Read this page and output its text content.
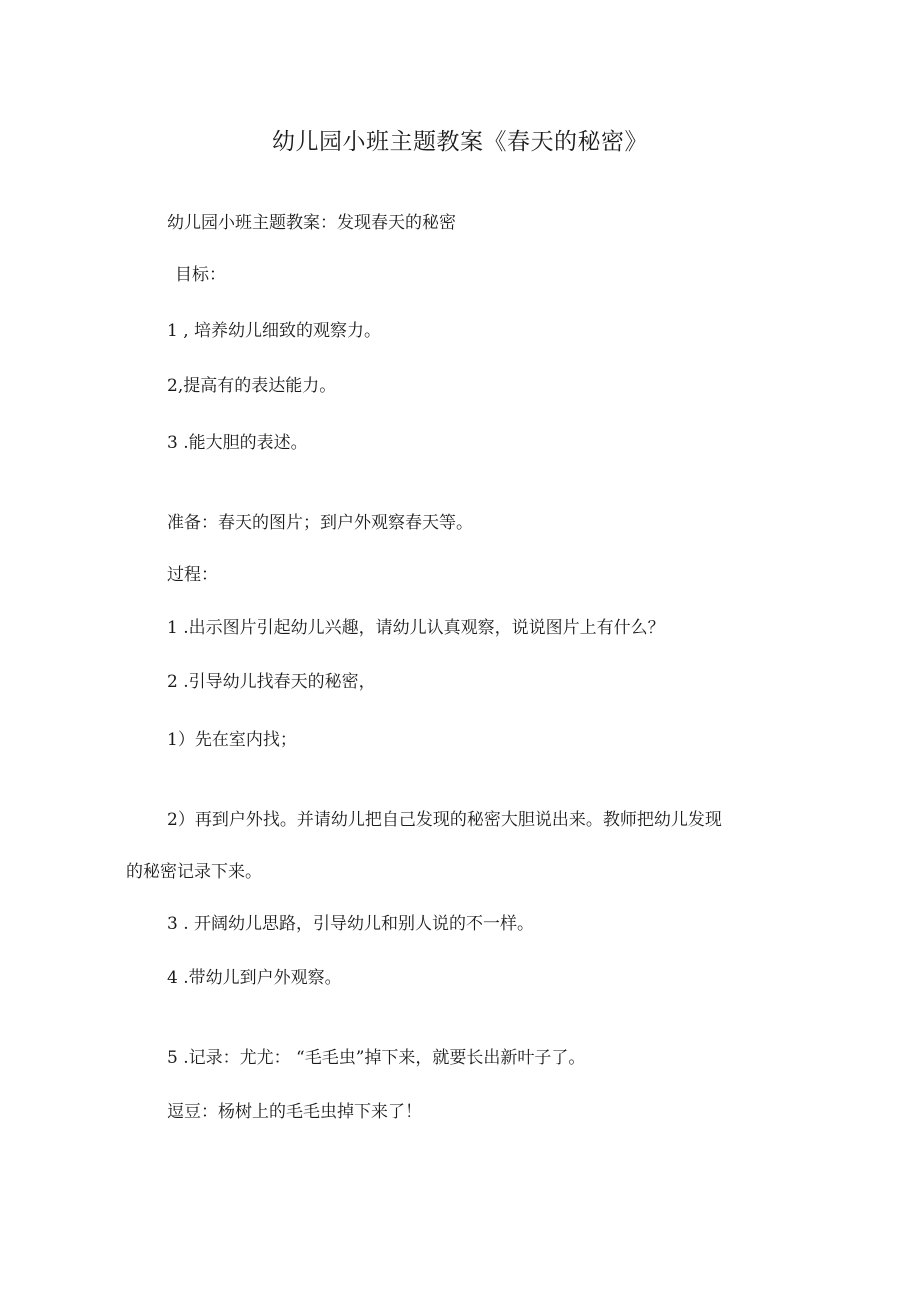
幼儿园小班主题教案《春天的秘密》
幼儿园小班主题教案：发现春天的秘密
目标：
1 , 培养幼儿细致的观察力。
2,提高有的表达能力。
3 .能大胆的表述。
准备：春天的图片；到户外观察春天等。
过程：
1 .出示图片引起幼儿兴趣，请幼儿认真观察，说说图片上有什么？
2 .引导幼儿找春天的秘密，
1）先在室内找；
2）再到户外找。并请幼儿把自己发现的秘密大胆说出来。教师把幼儿发现
的秘密记录下来。
3 . 开阔幼儿思路，引导幼儿和别人说的不一样。
4 .带幼儿到户外观察。
5 .记录：尤尤： “毛毛虫”掉下来，就要长出新叶子了。
逗豆：杨树上的毛毛虫掉下来了！
